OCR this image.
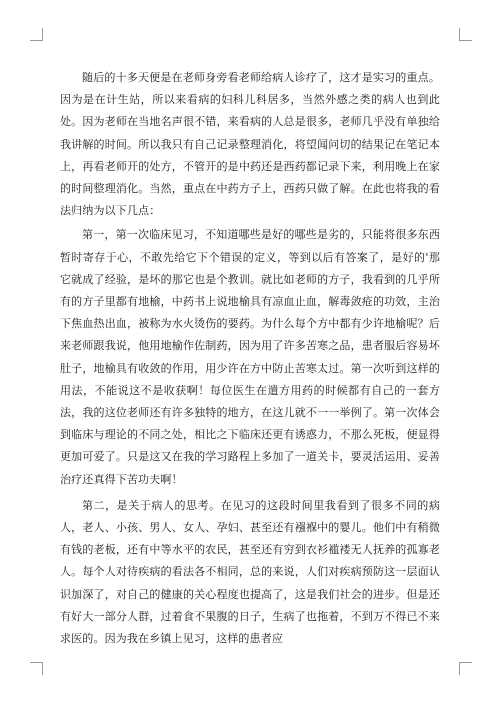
随后的十多天便是在老师身旁看老师给病人诊疗了，这才是实习的重点。因为是在计生站，所以来看病的妇科儿科居多，当然外感之类的病人也到此处。因为老师在当地名声很不错，来看病的人总是很多，老师几乎没有单独给我讲解的时间。所以我只有自己记录整理消化，将望闻问切的结果记在笔记本上，再看老师开的处方，不管开的是中药还是西药都记录下来，利用晚上在家的时间整理消化。当然，重点在中药方子上，西药只做了解。在此也将我的看法归纳为以下几点：

第一，第一次临床见习，不知道哪些是好的哪些是劣的，只能将很多东西暂时寄存于心，不敢先给它下个错误的定义，等到以后有答案了，是好的'那它就成了经验，是坏的那它也是个教训。就比如老师的方子，我看到的几乎所有的方子里都有地榆，中药书上说地榆具有凉血止血，解毒敛疮的功效，主治下焦血热出血，被称为水火烫伤的要药。为什么每个方中都有少许地榆呢？后来老师跟我说，他用地榆作佐制药，因为用了许多苦寒之品，患者服后容易坏肚子，地榆具有收敛的作用，用少许在方中防止苦寒太过。第一次听到这样的用法，不能说这不是收获啊！每位医生在遣方用药的时候都有自己的一套方法，我的这位老师还有许多独特的地方，在这儿就不一一举例了。第一次体会到临床与理论的不同之处，相比之下临床还更有诱惑力，不那么死板，便显得更加可爱了。只是这又在我的学习路程上多加了一道关卡，要灵活运用、妥善治疗还真得下苦功夫啊！

第二，是关于病人的思考。在见习的这段时间里我看到了很多不同的病人，老人、小孩、男人、女人、孕妇、甚至还有襁褓中的婴儿。他们中有稍微有钱的老板，还有中等水平的农民，甚至还有穷到衣衫褴褛无人抚养的孤寡老人。每个人对待疾病的看法各不相同，总的来说，人们对疾病预防这一层面认识加深了，对自己的健康的关心程度也提高了，这是我们社会的进步。但是还有好大一部分人群，过着食不果腹的日子，生病了也拖着，不到万不得已不来求医的。因为我在乡镇上见习，这样的患者应
